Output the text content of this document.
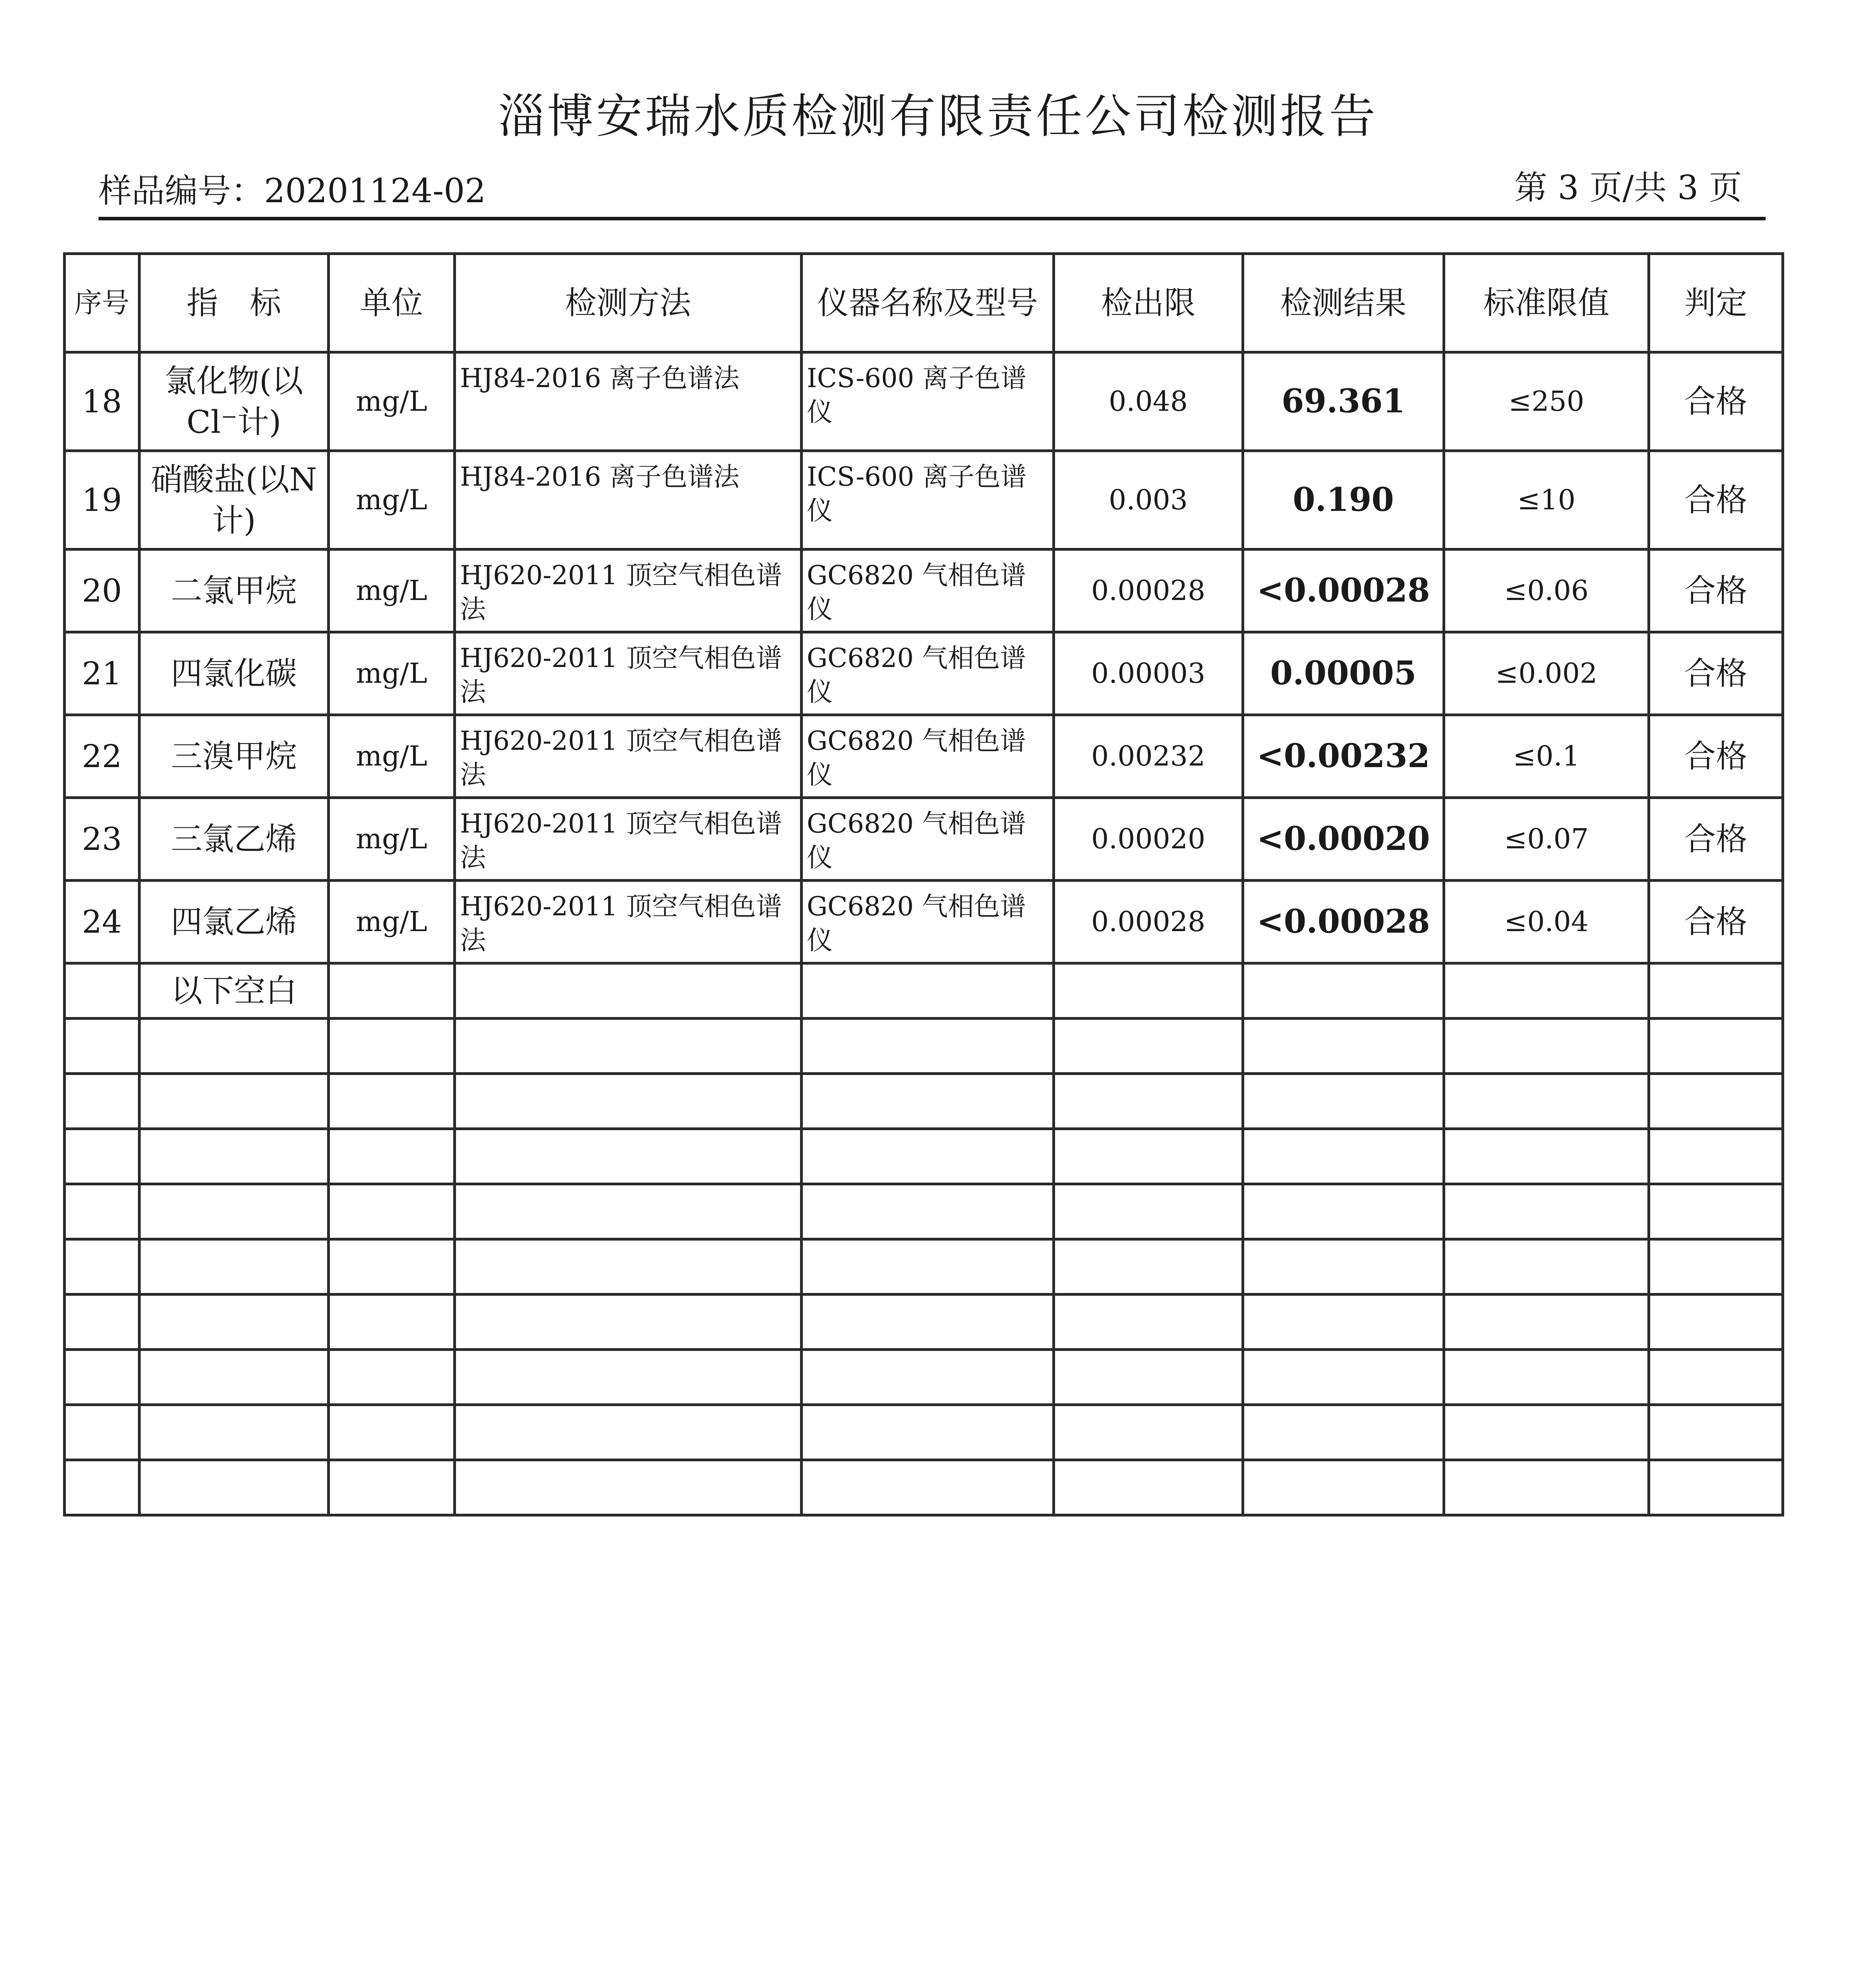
淄博安瑞水质检测有限责任公司检测报告
样品编号：20201124-02	第 3 页/共 3 页
序号	指　标	单位	检测方法	仪器名称及型号	检出限	检测结果	标准限值	判定
18	氯化物(以Cl⁻计)	mg/L	HJ84-2016 离子色谱法	ICS-600 离子色谱仪	0.048	69.361	≤250	合格
19	硝酸盐(以N计)	mg/L	HJ84-2016 离子色谱法	ICS-600 离子色谱仪	0.003	0.190	≤10	合格
20	二氯甲烷	mg/L	HJ620-2011 顶空气相色谱法	GC6820 气相色谱仪	0.00028	<0.00028	≤0.06	合格
21	四氯化碳	mg/L	HJ620-2011 顶空气相色谱法	GC6820 气相色谱仪	0.00003	0.00005	≤0.002	合格
22	三溴甲烷	mg/L	HJ620-2011 顶空气相色谱法	GC6820 气相色谱仪	0.00232	<0.00232	≤0.1	合格
23	三氯乙烯	mg/L	HJ620-2011 顶空气相色谱法	GC6820 气相色谱仪	0.00020	<0.00020	≤0.07	合格
24	四氯乙烯	mg/L	HJ620-2011 顶空气相色谱法	GC6820 气相色谱仪	0.00028	<0.00028	≤0.04	合格
	以下空白							
